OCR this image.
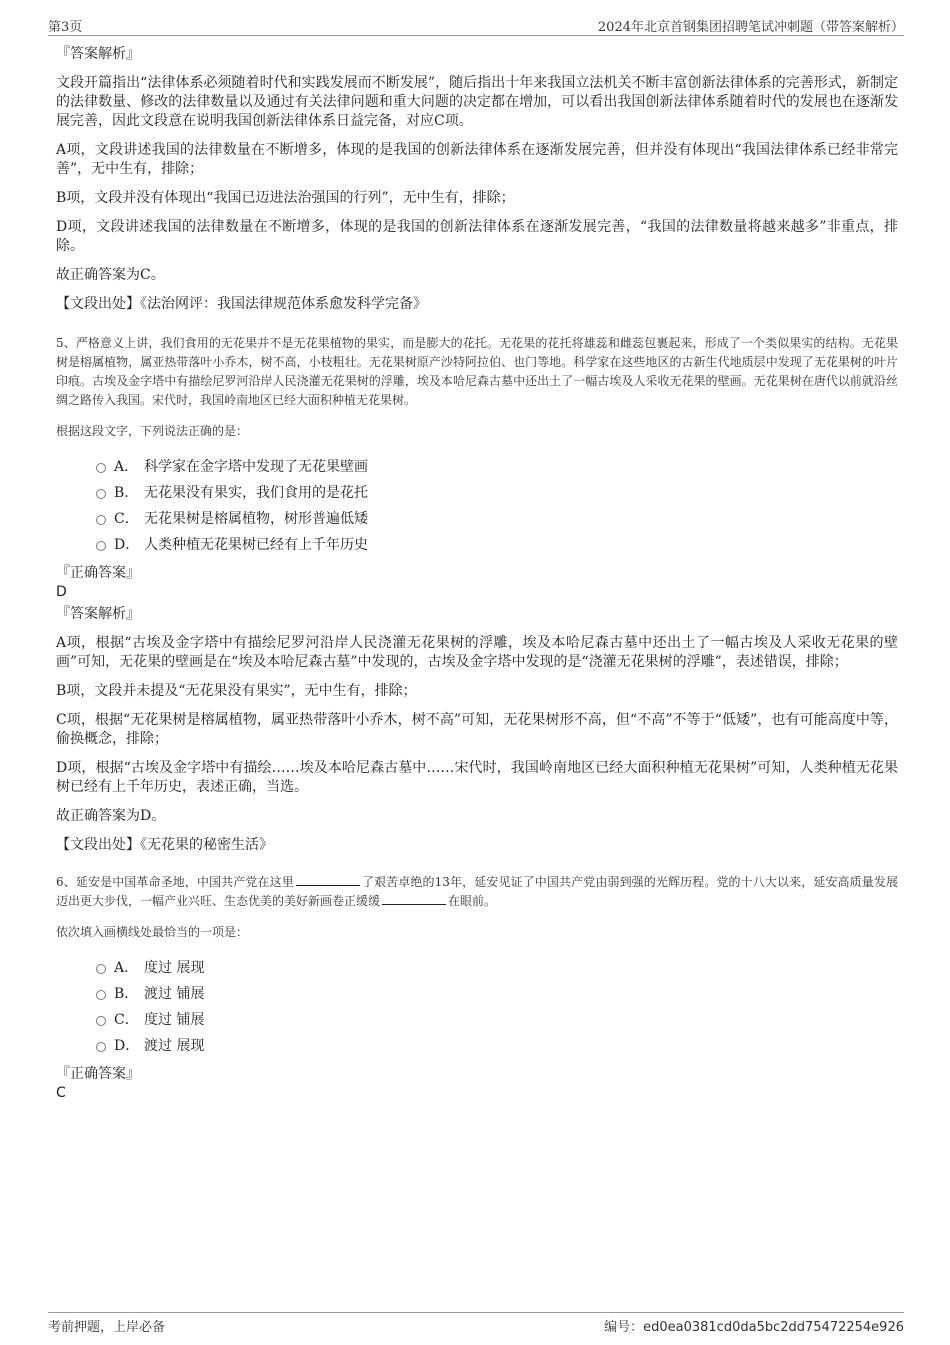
第3页	2024年北京首钢集团招聘笔试冲刺题（带答案解析）
『答案解析』
文段开篇指出“法律体系必须随着时代和实践发展而不断发展”，随后指出十年来我国立法机关不断丰富创新法律体系的完善形式，新制定的法律数量、修改的法律数量以及通过有关法律问题和重大问题的决定都在增加，可以看出我国创新法律体系随着时代的发展也在逐渐发展完善，因此文段意在说明我国创新法律体系日益完备，对应C项。
A项，文段讲述我国的法律数量在不断增多，体现的是我国的创新法律体系在逐渐发展完善，但并没有体现出“我国法律体系已经非常完善”，无中生有，排除；
B项，文段并没有体现出“我国已迈进法治强国的行列”，无中生有，排除；
D项，文段讲述我国的法律数量在不断增多，体现的是我国的创新法律体系在逐渐发展完善，“我国的法律数量将越来越多”非重点，排除。
故正确答案为C。
【文段出处】《法治网评：我国法律规范体系愈发科学完备》
5、严格意义上讲，我们食用的无花果并不是无花果植物的果实，而是膨大的花托。无花果的花托将雄蕊和雌蕊包裹起来，形成了一个类似果实的结构。无花果树是榕属植物，属亚热带落叶小乔木，树不高，小枝粗壮。无花果树原产沙特阿拉伯、也门等地。科学家在这些地区的古新生代地质层中发现了无花果树的叶片印痕。古埃及金字塔中有描绘尼罗河沿岸人民浇灌无花果树的浮雕，埃及本哈尼森古墓中还出土了一幅古埃及人采收无花果的壁画。无花果树在唐代以前就沿丝绸之路传入我国。宋代时，我国岭南地区已经大面积种植无花果树。
根据这段文字，下列说法正确的是：
A． 科学家在金字塔中发现了无花果壁画
B． 无花果没有果实，我们食用的是花托
C． 无花果树是榕属植物，树形普遍低矮
D． 人类种植无花果树已经有上千年历史
『正确答案』
D
『答案解析』
A项，根据“古埃及金字塔中有描绘尼罗河沿岸人民浇灌无花果树的浮雕，埃及本哈尼森古墓中还出土了一幅古埃及人采收无花果的壁画”可知，无花果的壁画是在“埃及本哈尼森古墓”中发现的，古埃及金字塔中发现的是“浇灌无花果树的浮雕”，表述错误，排除；
B项，文段并未提及“无花果没有果实”，无中生有，排除；
C项，根据“无花果树是榕属植物，属亚热带落叶小乔木，树不高”可知，无花果树形不高，但“不高”不等于“低矮”，也有可能高度中等，偷换概念，排除；
D项，根据“古埃及金字塔中有描绘……埃及本哈尼森古墓中……宋代时，我国岭南地区已经大面积种植无花果树”可知，人类种植无花果树已经有上千年历史，表述正确，当选。
故正确答案为D。
【文段出处】《无花果的秘密生活》
6、延安是中国革命圣地，中国共产党在这里	了艰苦卓绝的13年，延安见证了中国共产党由弱到强的光辉历程。党的十八大以来，延安高质量发展迈出更大步伐，一幅产业兴旺、生态优美的美好新画卷正缓缓	在眼前。
依次填入画横线处最恰当的一项是：
A． 度过 展现
B． 渡过 铺展
C． 度过 铺展
D． 渡过 展现
『正确答案』
C
考前押题，上岸必备	编号：ed0ea0381cd0da5bc2dd75472254e926
